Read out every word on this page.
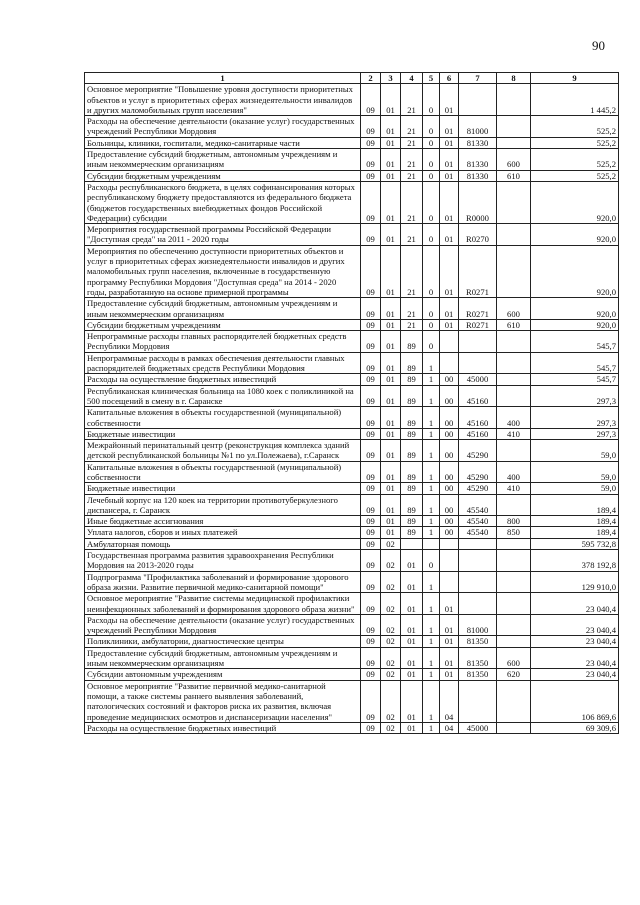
90
1	2	3	4	5	6	7	8	9
Основное мероприятие "Повышение уровня доступности приоритетных объектов и услуг в приоритетных сферах жизнедеятельности инвалидов и других маломобильных групп населения"	09	01	21	0	01			1 445,2
Расходы на обеспечение деятельности (оказание услуг) государственных учреждений Республики Мордовия	09	01	21	0	01	81000		525,2
Больницы, клиники, госпитали, медико-санитарные части	09	01	21	0	01	81330		525,2
Предоставление субсидий бюджетным, автономным учреждениям и иным некоммерческим организациям	09	01	21	0	01	81330	600	525,2
Субсидии бюджетным учреждениям	09	01	21	0	01	81330	610	525,2
Расходы республиканского бюджета, в целях софинансирования которых республиканскому бюджету предоставляются из федерального бюджета (бюджетов государственных внебюджетных фондов Российской Федерации) субсидии	09	01	21	0	01	R0000		920,0
Мероприятия государственной программы Российской Федерации "Доступная среда" на 2011 - 2020 годы	09	01	21	0	01	R0270		920,0
Мероприятия по обеспечению доступности приоритетных объектов и услуг в приоритетных сферах жизнедеятельности инвалидов и других маломобильных групп населения, включенные в государственную программу Республики Мордовия "Доступная среда" на 2014 - 2020 годы, разработанную на основе примерной программы	09	01	21	0	01	R0271		920,0
Предоставление субсидий бюджетным, автономным учреждениям и иным некоммерческим организациям	09	01	21	0	01	R0271	600	920,0
Субсидии бюджетным учреждениям	09	01	21	0	01	R0271	610	920,0
Непрограммные расходы главных распорядителей бюджетных средств Республики Мордовия	09	01	89	0				545,7
Непрограммные расходы в рамках обеспечения деятельности главных распорядителей бюджетных средств Республики Мордовия	09	01	89	1				545,7
Расходы на осуществление бюджетных инвестиций	09	01	89	1	00	45000		545,7
Республиканская клиническая больница на 1080 коек с поликлиникой на 500 посещений в смену в г. Саранске	09	01	89	1	00	45160		297,3
Капитальные вложения в объекты государственной (муниципальной) собственности	09	01	89	1	00	45160	400	297,3
Бюджетные инвестиции	09	01	89	1	00	45160	410	297,3
Межрайонный перинатальный центр (реконструкция комплекса зданий детской республиканской больницы №1 по ул.Полежаева), г.Саранск	09	01	89	1	00	45290		59,0
Капитальные вложения в объекты государственной (муниципальной) собственности	09	01	89	1	00	45290	400	59,0
Бюджетные инвестиции	09	01	89	1	00	45290	410	59,0
Лечебный корпус на 120 коек на территории противотуберкулезного диспансера, г. Саранск	09	01	89	1	00	45540		189,4
Иные бюджетные ассигнования	09	01	89	1	00	45540	800	189,4
Уплата налогов, сборов и иных платежей	09	01	89	1	00	45540	850	189,4
Амбулаторная помощь	09	02						595 732,8
Государственная программа развития здравоохранения Республики Мордовия на 2013-2020 годы	09	02	01	0				378 192,8
Подпрограмма "Профилактика заболеваний и формирование здорового образа жизни. Развитие первичной медико-санитарной помощи"	09	02	01	1				129 910,0
Основное мероприятие "Развитие системы медицинской профилактики неинфекционных заболеваний и формирования здорового образа жизни"	09	02	01	1	01			23 040,4
Расходы на обеспечение деятельности (оказание услуг) государственных учреждений Республики Мордовия	09	02	01	1	01	81000		23 040,4
Поликлиники, амбулатории, диагностические центры	09	02	01	1	01	81350		23 040,4
Предоставление субсидий бюджетным, автономным учреждениям и иным некоммерческим организациям	09	02	01	1	01	81350	600	23 040,4
Субсидии автономным учреждениям	09	02	01	1	01	81350	620	23 040,4
Основное мероприятие "Развитие первичной медико-санитарной помощи, а также системы раннего выявления заболеваний, патологических состояний и факторов риска их развития, включая проведение медицинских осмотров и диспансеризации населения"	09	02	01	1	04			106 869,6
Расходы на осуществление бюджетных инвестиций	09	02	01	1	04	45000		69 309,6
